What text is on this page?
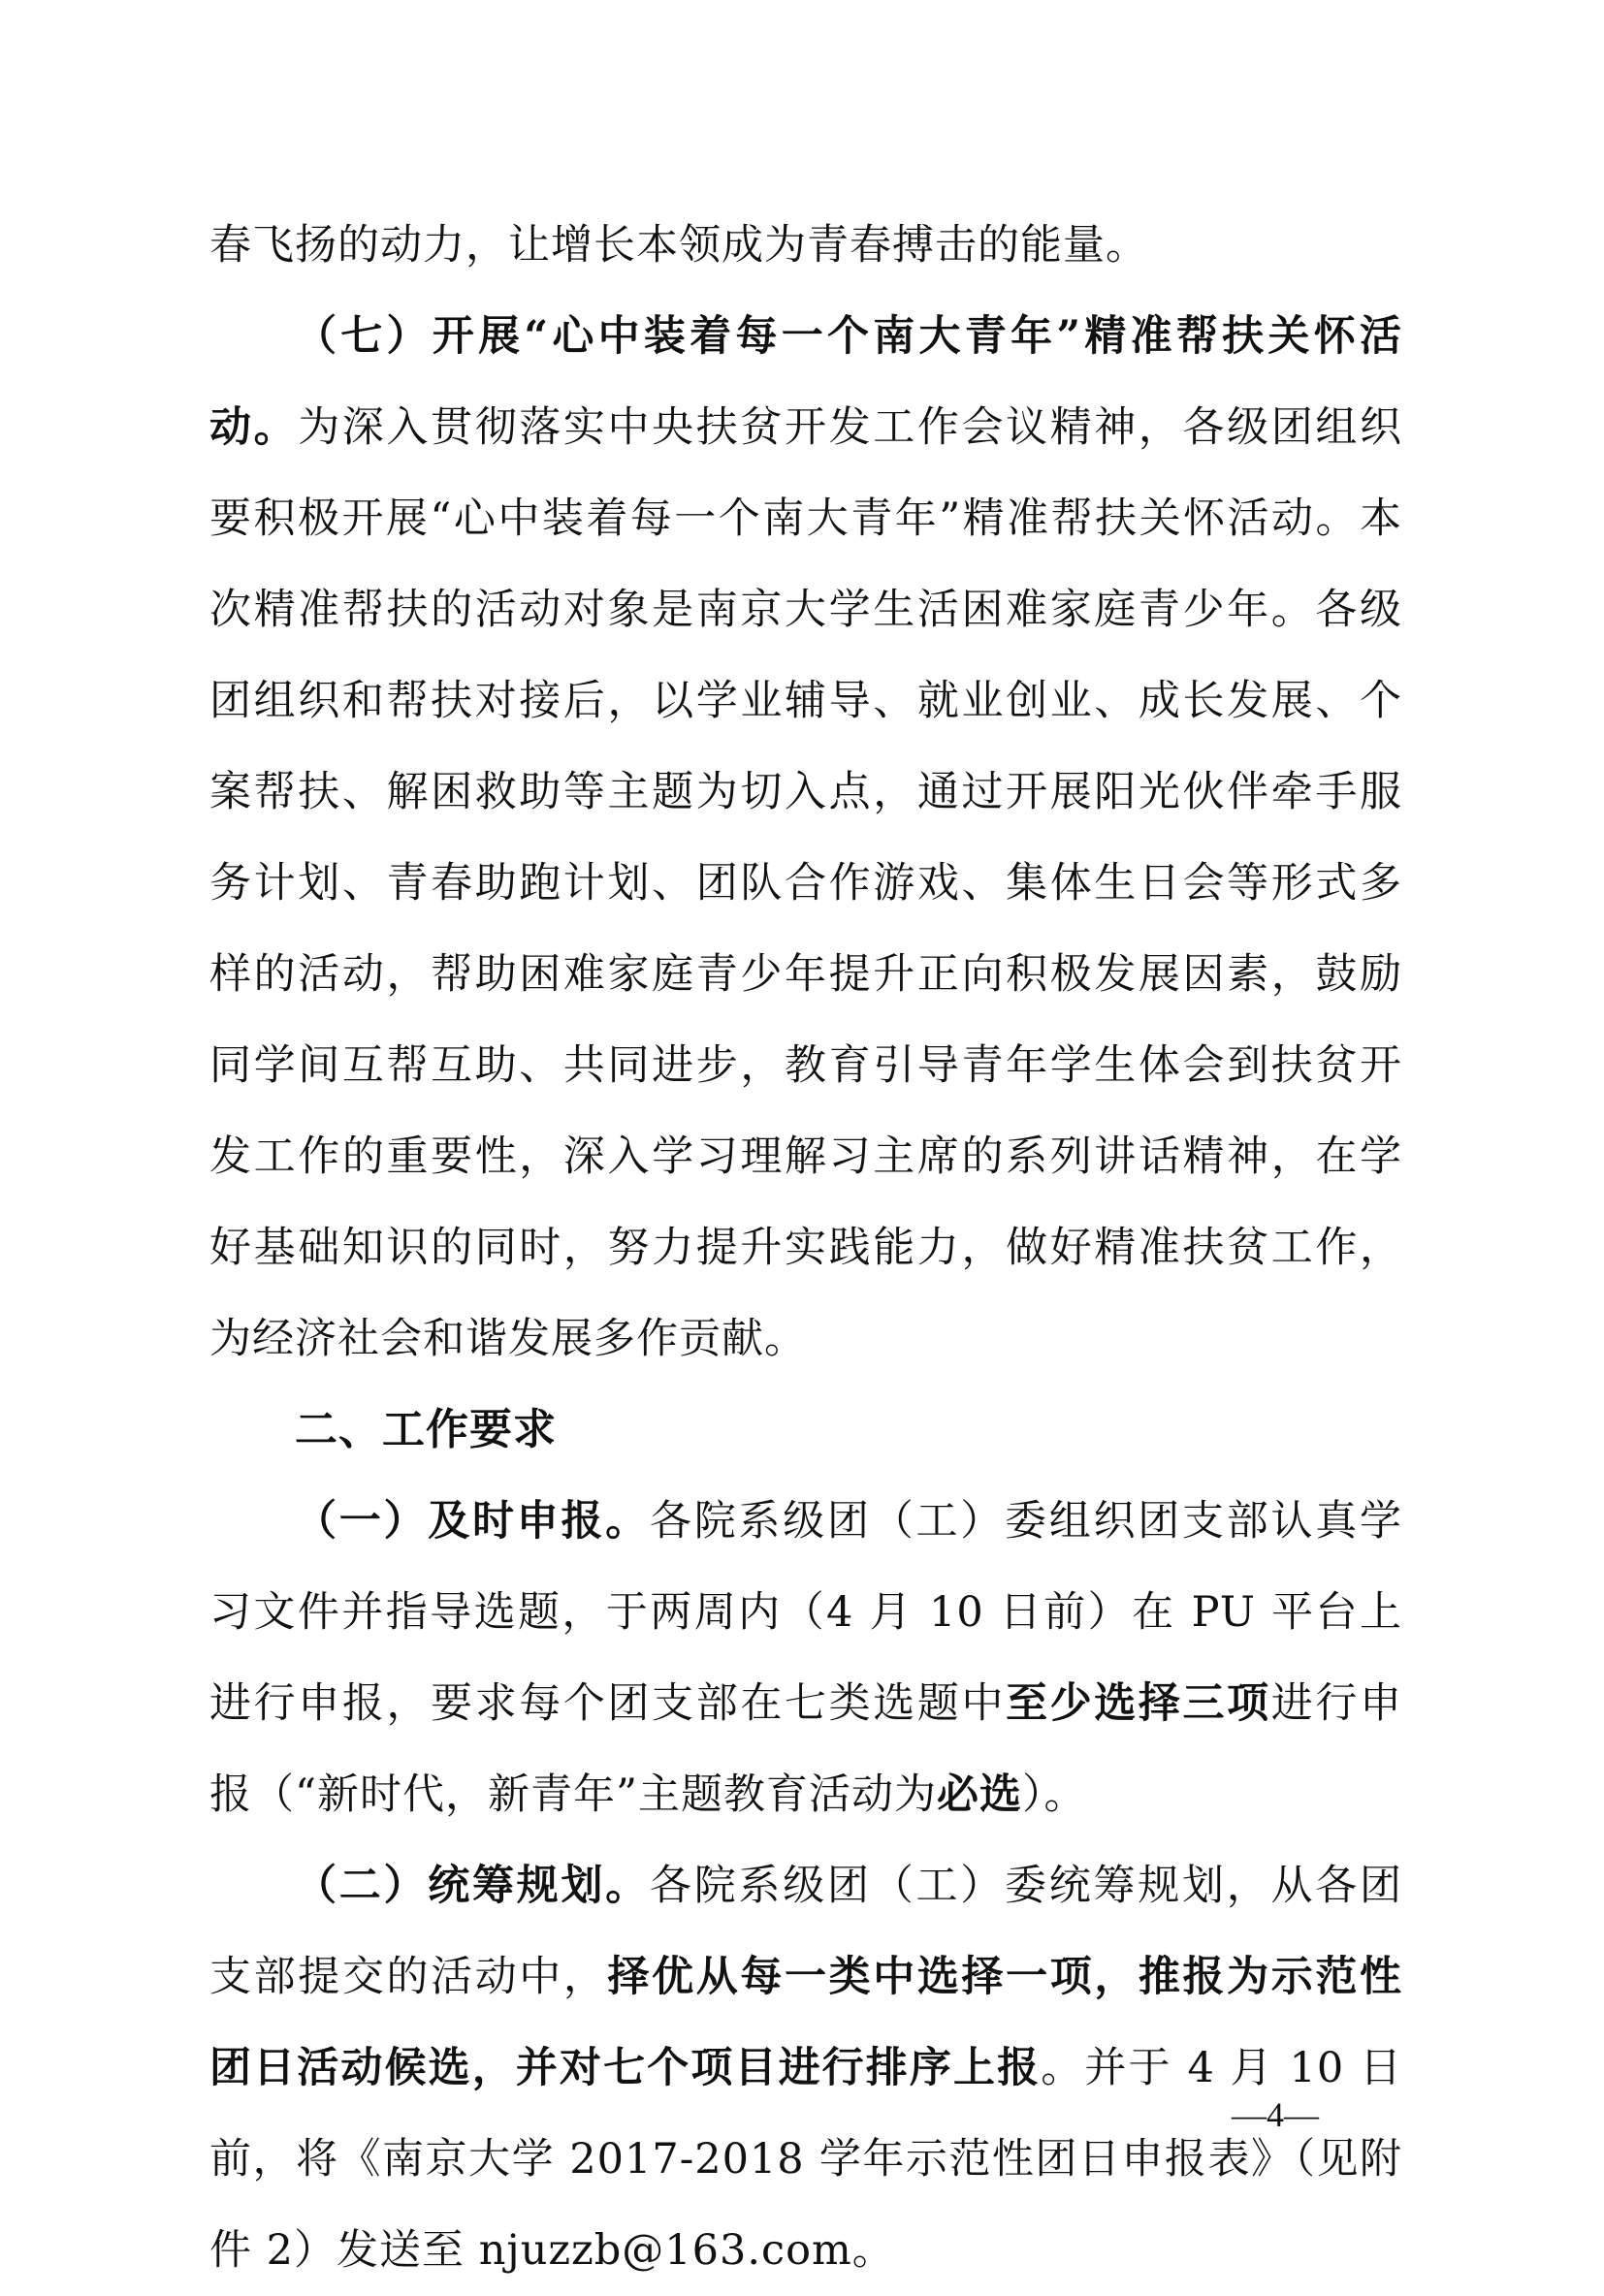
春飞扬的动力，让增长本领成为青春搏击的能量。

（七）开展“心中装着每一个南大青年”精准帮扶关怀活动。为深入贯彻落实中央扶贫开发工作会议精神，各级团组织要积极开展“心中装着每一个南大青年”精准帮扶关怀活动。本次精准帮扶的活动对象是南京大学生活困难家庭青少年。各级团组织和帮扶对接后，以学业辅导、就业创业、成长发展、个案帮扶、解困救助等主题为切入点，通过开展阳光伙伴牵手服务计划、青春助跑计划、团队合作游戏、集体生日会等形式多样的活动，帮助困难家庭青少年提升正向积极发展因素，鼓励同学间互帮互助、共同进步，教育引导青年学生体会到扶贫开发工作的重要性，深入学习理解习主席的系列讲话精神，在学好基础知识的同时，努力提升实践能力，做好精准扶贫工作，为经济社会和谐发展多作贡献。

二、工作要求

（一）及时申报。各院系级团（工）委组织团支部认真学习文件并指导选题，于两周内（4 月 10 日前）在 PU 平台上进行申报，要求每个团支部在七类选题中至少选择三项进行申报（“新时代，新青年”主题教育活动为必选）。

（二）统筹规划。各院系级团（工）委统筹规划，从各团支部提交的活动中，择优从每一类中选择一项，推报为示范性团日活动候选，并对七个项目进行排序上报。并于 4 月 10 日前，将《南京大学 2017-2018 学年示范性团日申报表》（见附件 2）发送至 njuzzb@163.com。

—4—
